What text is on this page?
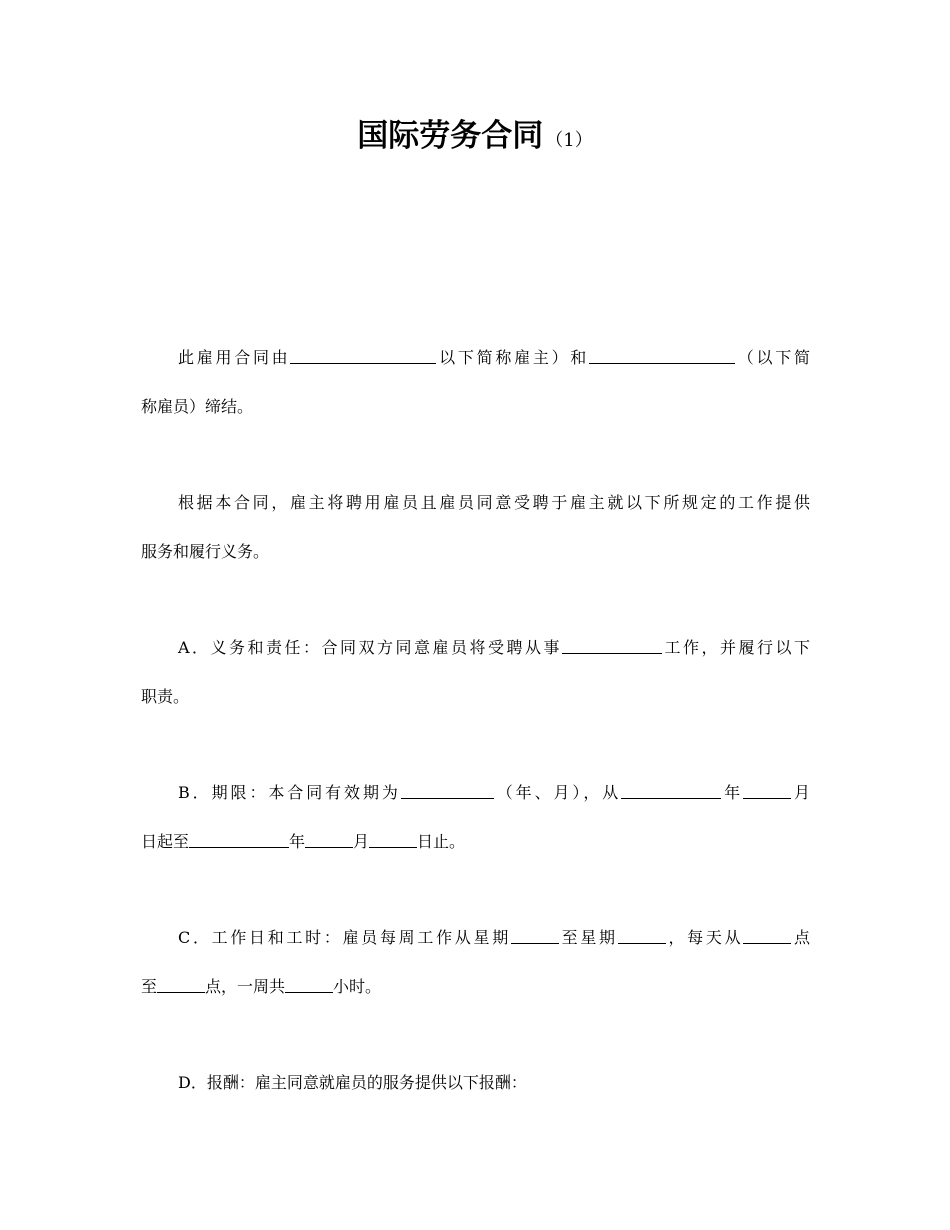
国际劳务合同 （1）
此雇用合同由	以下简称雇主）和	（以下简
称雇员）缔结。
根据本合同，雇主将聘用雇员且雇员同意受聘于雇主就以下所规定的工作提供
服务和履行义务。
A．义务和责任：合同双方同意雇员将受聘从事	工作，并履行以下
职责。
B．期限：本合同有效期为	（年、月），从	年	月
日起至	年	月	日止。
C．工作日和工时：雇员每周工作从星期	至星期	，每天从	点
至	点，一周共	小时。
D．报酬：雇主同意就雇员的服务提供以下报酬：
